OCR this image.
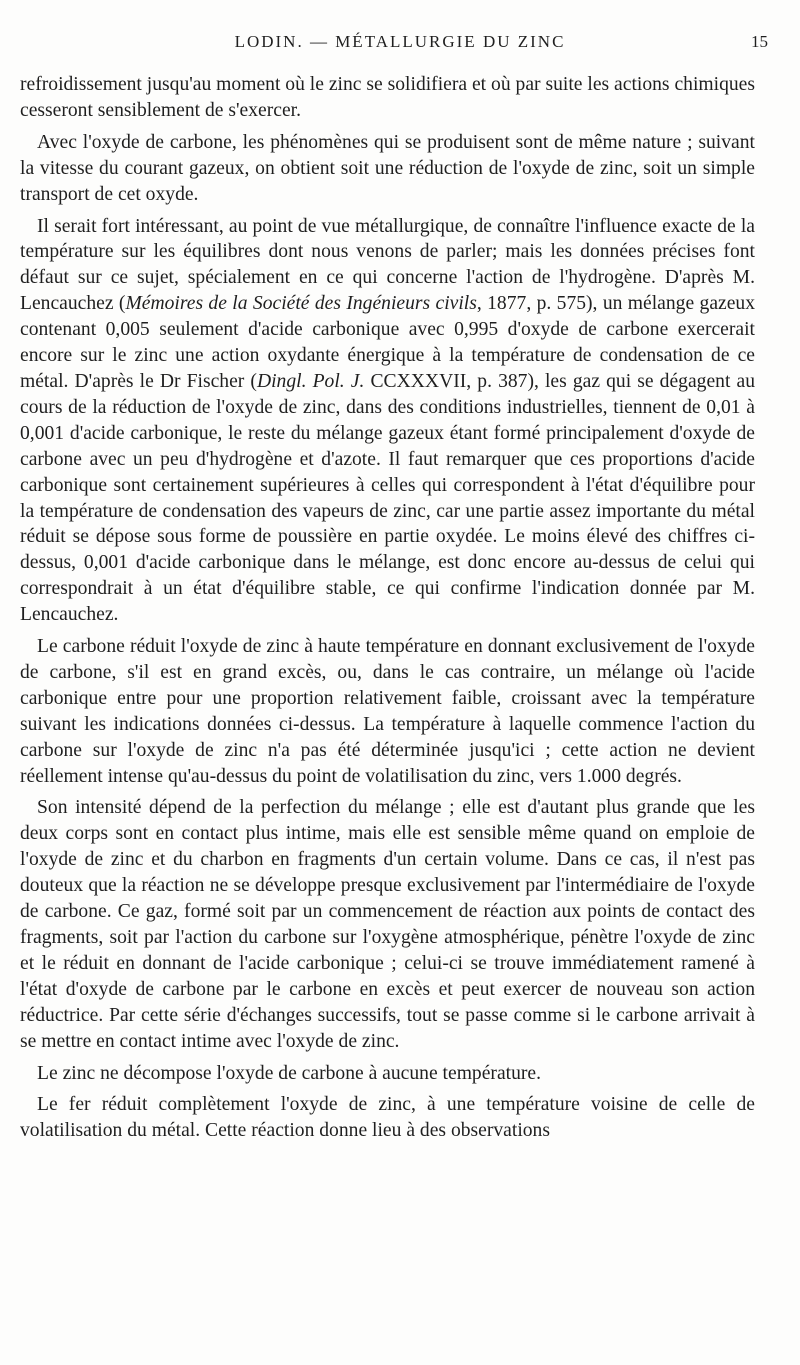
LODIN. — MÉTALLURGIE DU ZINC	15

refroidissement jusqu'au moment où le zinc se solidifiera et où par suite les actions chimiques cesseront sensiblement de s'exercer.

Avec l'oxyde de carbone, les phénomènes qui se produisent sont de même nature ; suivant la vitesse du courant gazeux, on obtient soit une réduction de l'oxyde de zinc, soit un simple transport de cet oxyde.

Il serait fort intéressant, au point de vue métallurgique, de connaître l'influence exacte de la température sur les équilibres dont nous venons de parler; mais les données précises font défaut sur ce sujet, spécialement en ce qui concerne l'action de l'hydrogène. D'après M. Lencauchez (Mémoires de la Société des Ingénieurs civils, 1877, p. 575), un mélange gazeux contenant 0,005 seulement d'acide carbonique avec 0,995 d'oxyde de carbone exercerait encore sur le zinc une action oxydante énergique à la température de condensation de ce métal. D'après le Dr Fischer (Dingl. Pol. J. CCXXXVII, p. 387), les gaz qui se dégagent au cours de la réduction de l'oxyde de zinc, dans des conditions industrielles, tiennent de 0,01 à 0,001 d'acide carbonique, le reste du mélange gazeux étant formé principalement d'oxyde de carbone avec un peu d'hydrogène et d'azote. Il faut remarquer que ces proportions d'acide carbonique sont certainement supérieures à celles qui correspondent à l'état d'équilibre pour la température de condensation des vapeurs de zinc, car une partie assez importante du métal réduit se dépose sous forme de poussière en partie oxydée. Le moins élevé des chiffres ci-dessus, 0,001 d'acide carbonique dans le mélange, est donc encore au-dessus de celui qui correspondrait à un état d'équilibre stable, ce qui confirme l'indication donnée par M. Lencauchez.

Le carbone réduit l'oxyde de zinc à haute température en donnant exclusivement de l'oxyde de carbone, s'il est en grand excès, ou, dans le cas contraire, un mélange où l'acide carbonique entre pour une proportion relativement faible, croissant avec la température suivant les indications données ci-dessus. La température à laquelle commence l'action du carbone sur l'oxyde de zinc n'a pas été déterminée jusqu'ici ; cette action ne devient réellement intense qu'au-dessus du point de volatilisation du zinc, vers 1.000 degrés.

Son intensité dépend de la perfection du mélange ; elle est d'autant plus grande que les deux corps sont en contact plus intime, mais elle est sensible même quand on emploie de l'oxyde de zinc et du charbon en fragments d'un certain volume. Dans ce cas, il n'est pas douteux que la réaction ne se développe presque exclusivement par l'intermédiaire de l'oxyde de carbone. Ce gaz, formé soit par un commencement de réaction aux points de contact des fragments, soit par l'action du carbone sur l'oxygène atmosphérique, pénètre l'oxyde de zinc et le réduit en donnant de l'acide carbonique ; celui-ci se trouve immédiatement ramené à l'état d'oxyde de carbone par le carbone en excès et peut exercer de nouveau son action réductrice. Par cette série d'échanges successifs, tout se passe comme si le carbone arrivait à se mettre en contact intime avec l'oxyde de zinc.

Le zinc ne décompose l'oxyde de carbone à aucune température.

Le fer réduit complètement l'oxyde de zinc, à une température voisine de celle de volatilisation du métal. Cette réaction donne lieu à des observations
